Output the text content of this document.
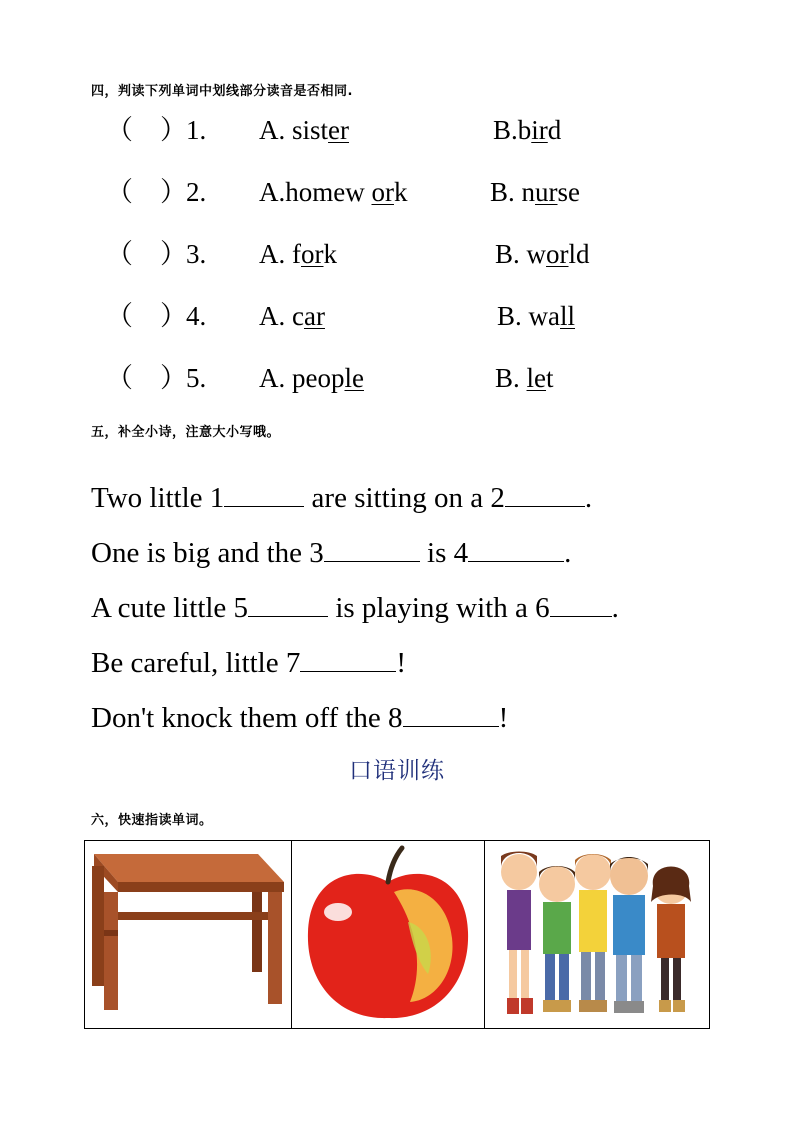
四，判读下列单词中划线部分读音是否相同.
（    ） 1. A. sister	B.bird
（    ） 2. A.homew ork	B. nurse
（    ） 3. A. fork	B. world
（    ） 4. A. car	B. wall
（    ） 5. A. people	B. let
五，补全小诗，注意大小写哦。
Two little 1	are sitting on a 2	.
One is big and the 3	is 4	.
A cute little 5	is playing with a 6 .
Be careful, little 7	!
Don't knock them off the 8	!
口语训练
六，快速指读单词。
